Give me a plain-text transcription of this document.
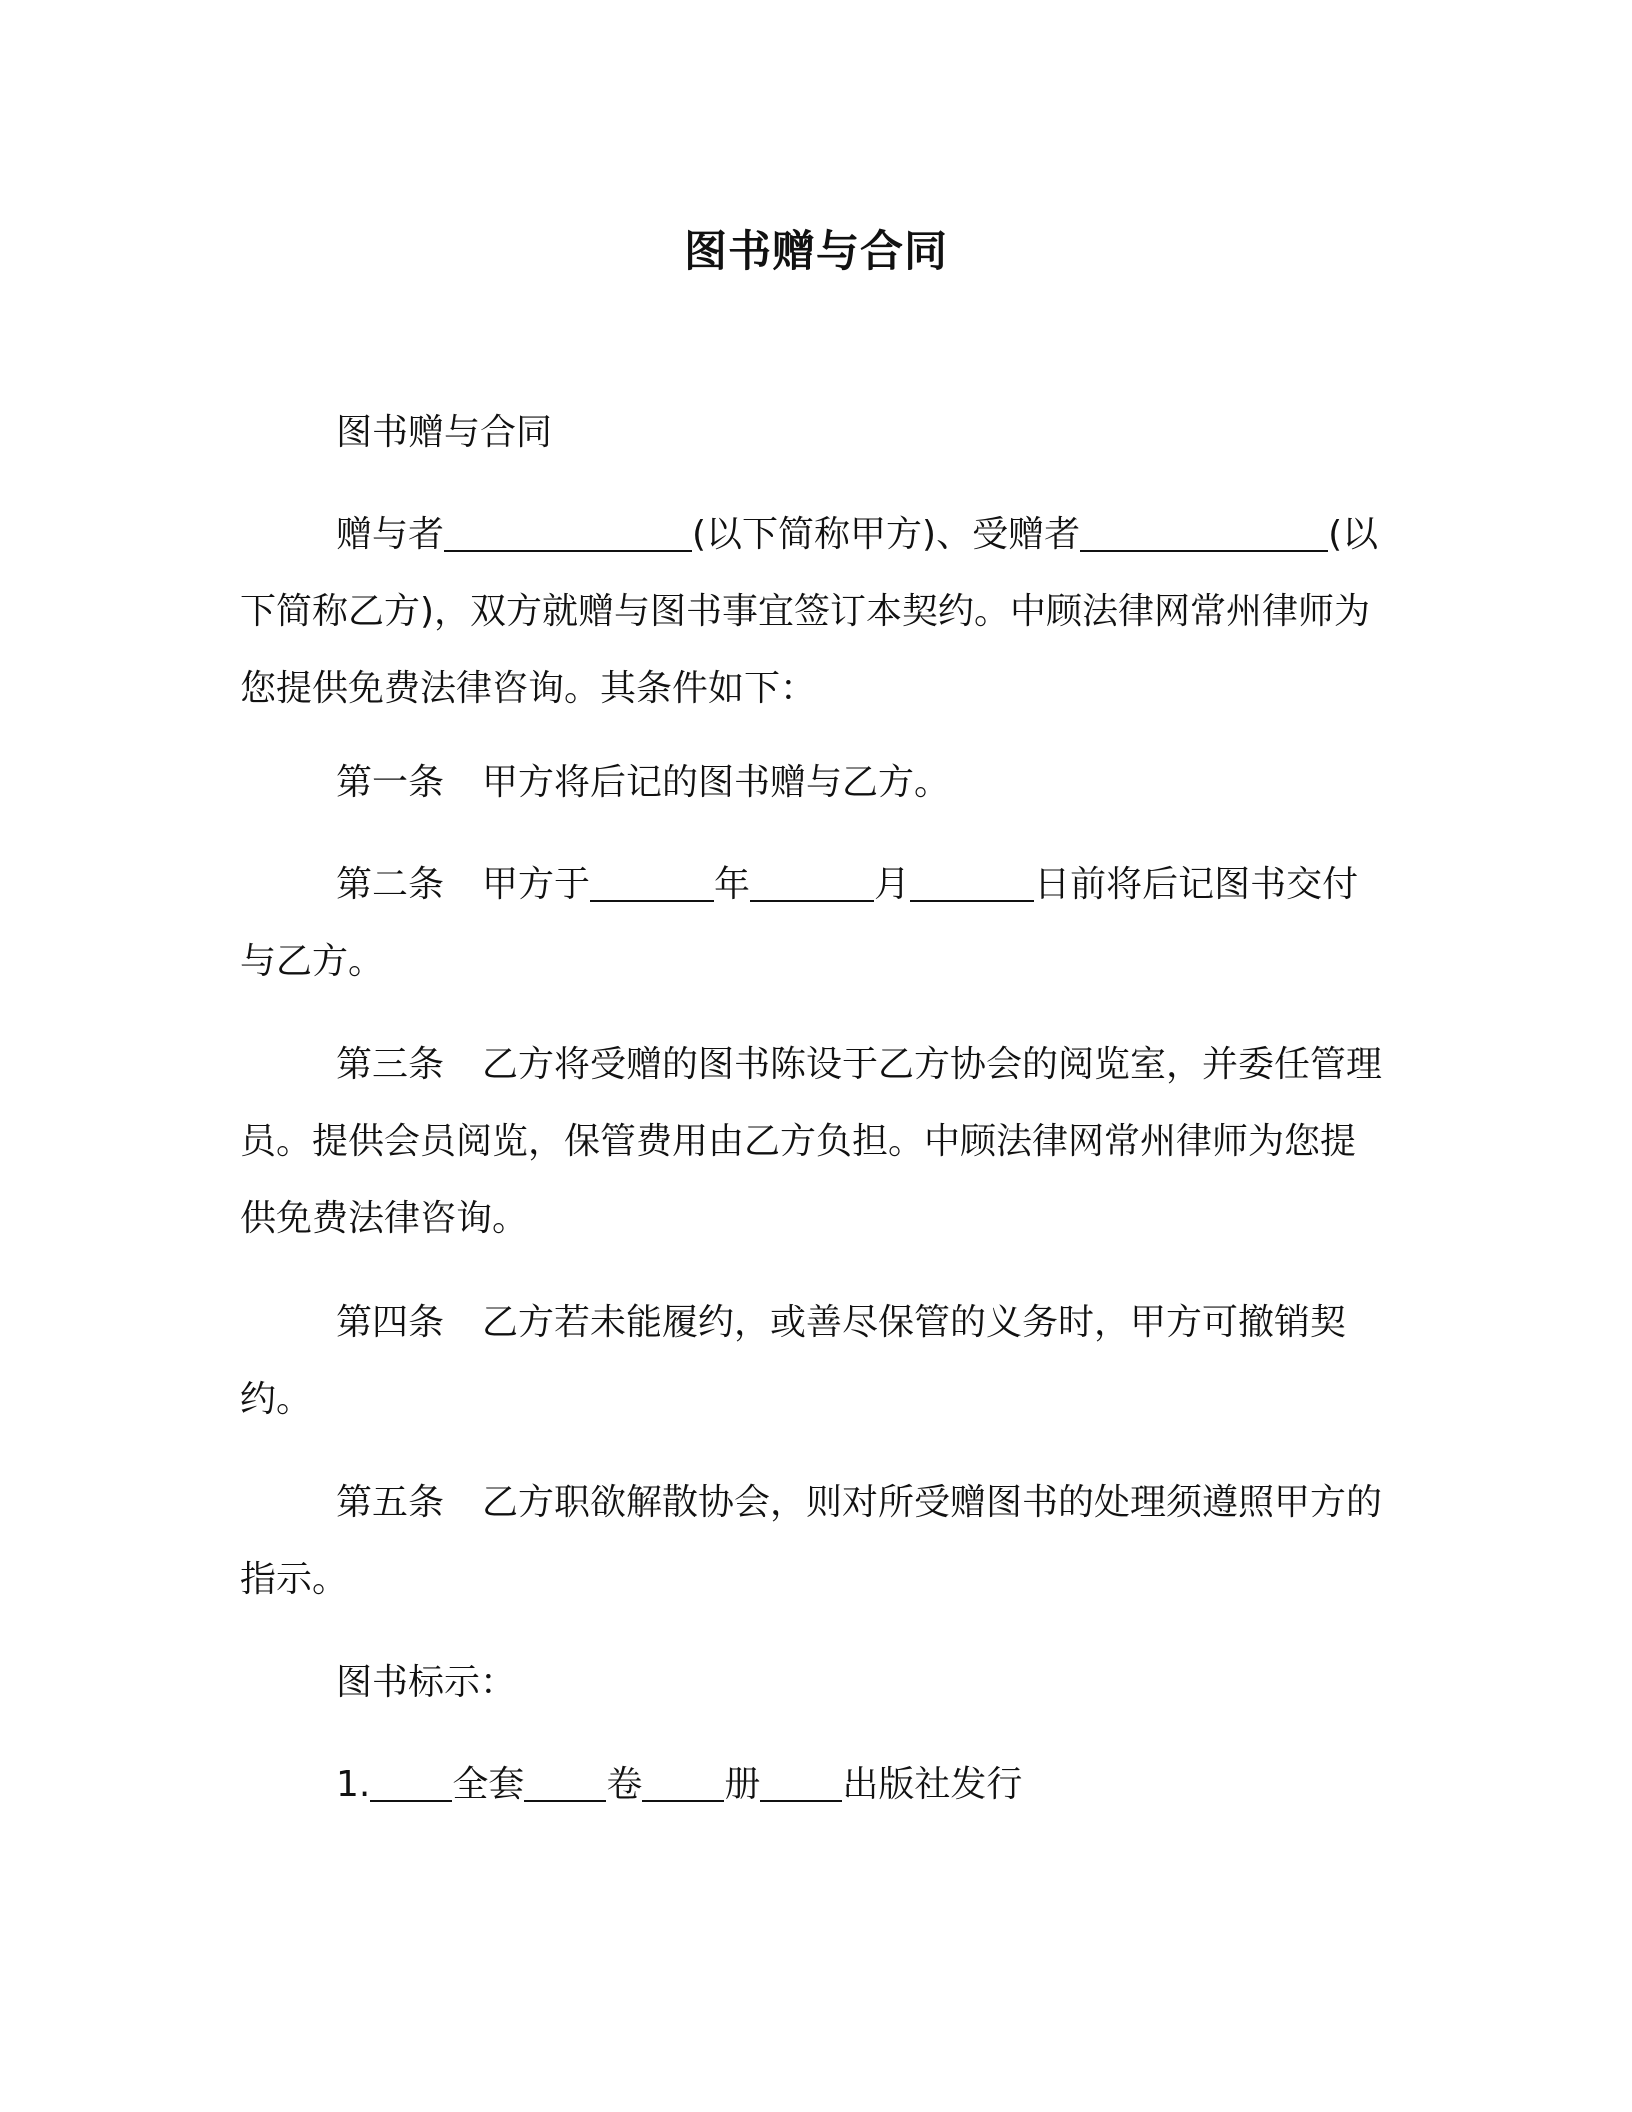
图书赠与合同
图书赠与合同
赠与者	(以下简称甲方)、受赠者	(以下简称乙方)，双方就赠与图书事宜签订本契约。中顾法律网常州律师为您提供免费法律咨询。其条件如下：
第一条 甲方将后记的图书赠与乙方。
第二条 甲方于	年	月	日前将后记图书交付与乙方。
第三条 乙方将受赠的图书陈设于乙方协会的阅览室，并委任管理员。提供会员阅览，保管费用由乙方负担。中顾法律网常州律师为您提供免费法律咨询。
第四条 乙方若未能履约，或善尽保管的义务时，甲方可撤销契约。
第五条 乙方职欲解散协会，则对所受赠图书的处理须遵照甲方的指示。
图书标示：
1. 全套 卷 册 出版社发行
